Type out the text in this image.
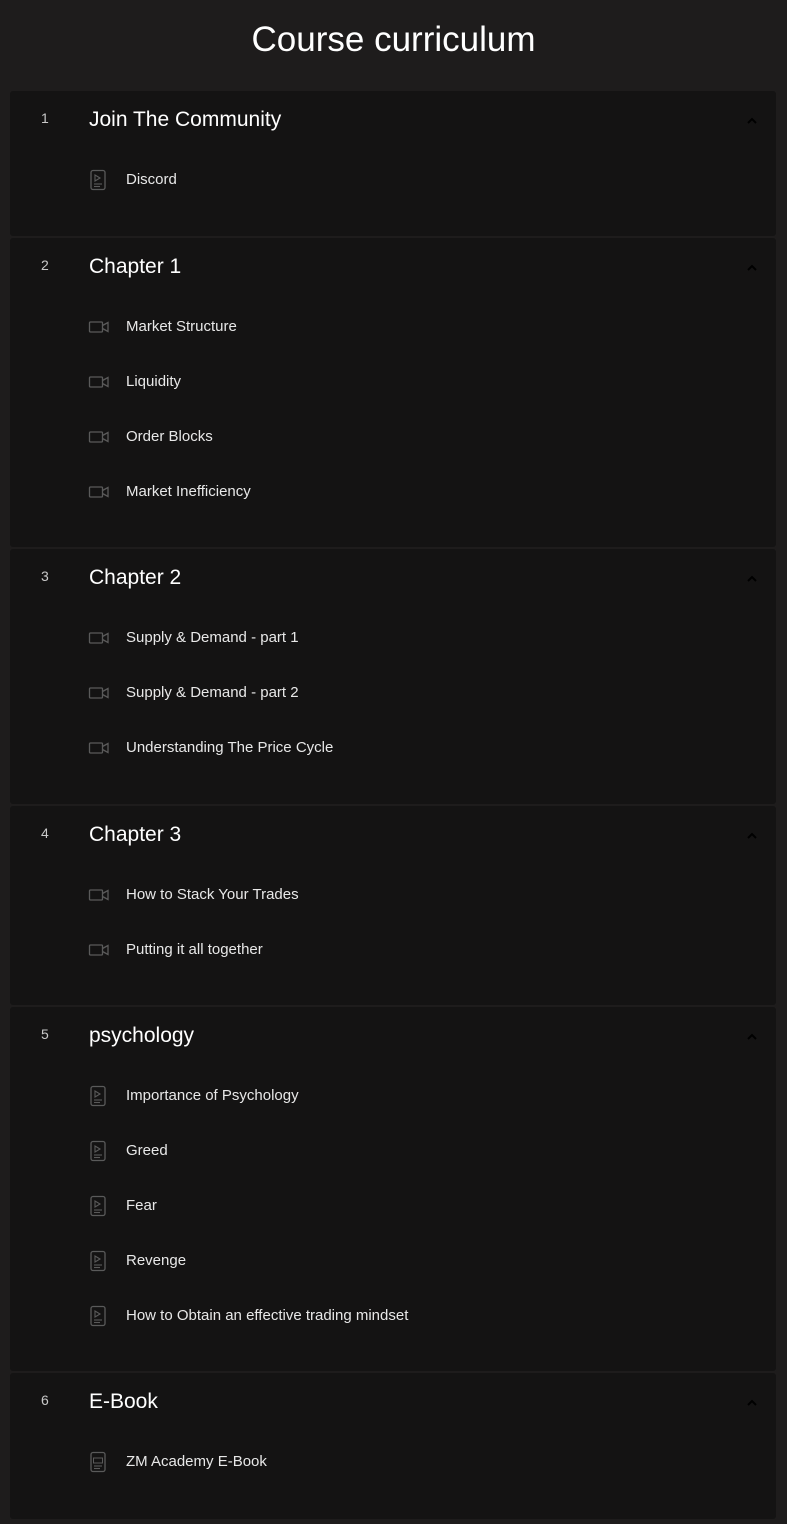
Course curriculum
1 Join The Community
Discord
2 Chapter 1
Market Structure
Liquidity
Order Blocks
Market Inefficiency
3 Chapter 2
Supply & Demand - part 1
Supply & Demand - part 2
Understanding The Price Cycle
4 Chapter 3
How to Stack Your Trades
Putting it all together
5 psychology
Importance of Psychology
Greed
Fear
Revenge
How to Obtain an effective trading mindset
6 E-Book
ZM Academy E-Book
